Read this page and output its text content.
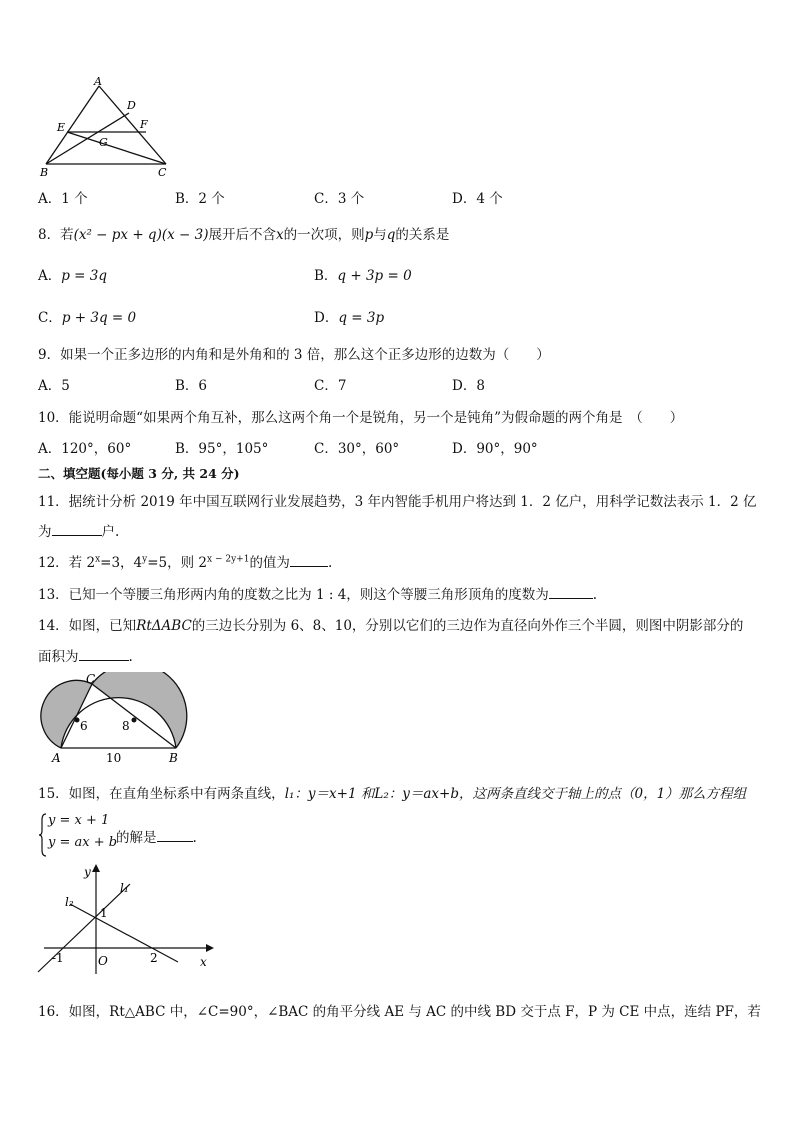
A
D
E	F
G
B	C
A．1 个	B．2 个	C．3 个	D．4 个
8．若(x² − px + q)(x − 3)展开后不含x的一次项，则p与q的关系是
A．p = 3q	B．q + 3p = 0
C．p + 3q = 0	D．q = 3p
9．如果一个正多边形的内角和是外角和的 3 倍，那么这个正多边形的边数为（　　）
A．5	B．6	C．7	D．8
10．能说明命题“如果两个角互补，那么这两个角一个是锐角，另一个是钝角”为假命题的两个角是　（　　）
A．120°，60°	B．95°，105°	C．30°，60°	D．90°，90°
二、填空题(每小题 3 分, 共 24 分)
11．据统计分析 2019 年中国互联网行业发展趋势，3 年内智能手机用户将达到 1．2 亿户，用科学记数法表示 1．2 亿
为	户.
12．若 $2^x=3$，$4^y=5$，则 $2^{x - 2y+1}$的值为	.
13．已知一个等腰三角形两内角的度数之比为 1 : 4，则这个等腰三角形顶角的度数为	.
14．如图，已知RtΔABC的三边长分别为 6、8、10，分别以它们的三边作为直径向外作三个半圆，则图中阴影部分的
面积为	.
C
6	8
A	10	B
15．如图，在直角坐标系中有两条直线，l₁：y＝x+1 和L₂：y＝ax+b，这两条直线交于轴上的点（0，1）那么方程组
y = x + 1
y = ax + b
的解是	.
y
l₁
l₂
1
-1	O	2	x
16．如图，Rt△ABC 中，∠C=90°，∠BAC 的角平分线 AE 与 AC 的中线 BD 交于点 F，P 为 CE 中点，连结 PF，若
